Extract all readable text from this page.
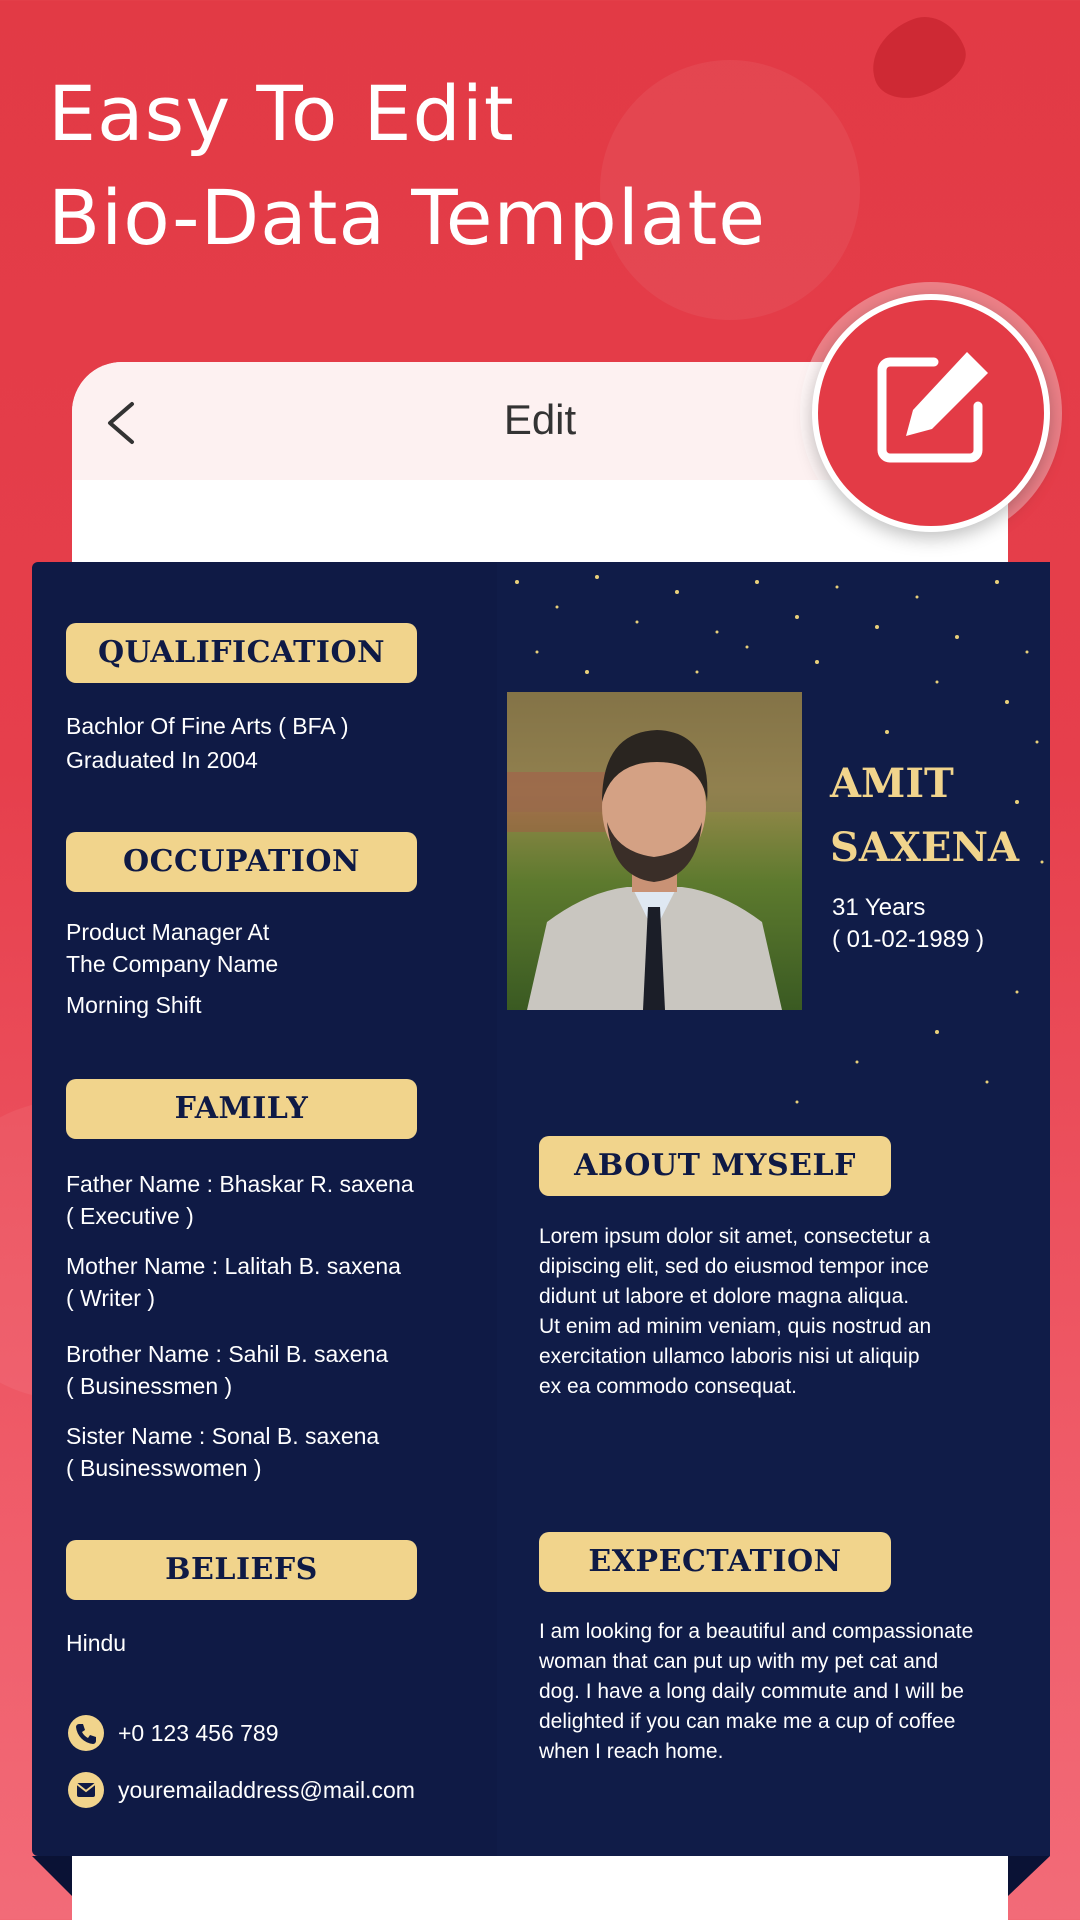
Easy To Edit
Bio-Data Template
Edit
QUALIFICATION
Bachlor Of Fine Arts ( BFA )
Graduated In 2004
OCCUPATION
Product Manager At
The Company Name
Morning Shift
FAMILY
Father Name : Bhaskar R. saxena
( Executive )
Mother Name : Lalitah B. saxena
( Writer )
Brother Name : Sahil B. saxena
( Businessmen )
Sister Name : Sonal B. saxena
( Businesswomen )
BELIEFS
Hindu
+0 123 456 789
youremailaddress@mail.com
AMIT
SAXENA
31 Years
( 01-02-1989 )
ABOUT MYSELF
Lorem ipsum dolor sit amet, consectetur a
dipiscing elit, sed do eiusmod tempor ince
didunt ut labore et dolore magna aliqua.
Ut enim ad minim veniam, quis nostrud an
exercitation ullamco laboris nisi ut aliquip
ex ea commodo consequat.
EXPECTATION
I am looking for a beautiful and compassionate
woman that can put up with my pet cat and
dog. I have a long daily commute and I will be
delighted if you can make me a cup of coffee
when I reach home.
